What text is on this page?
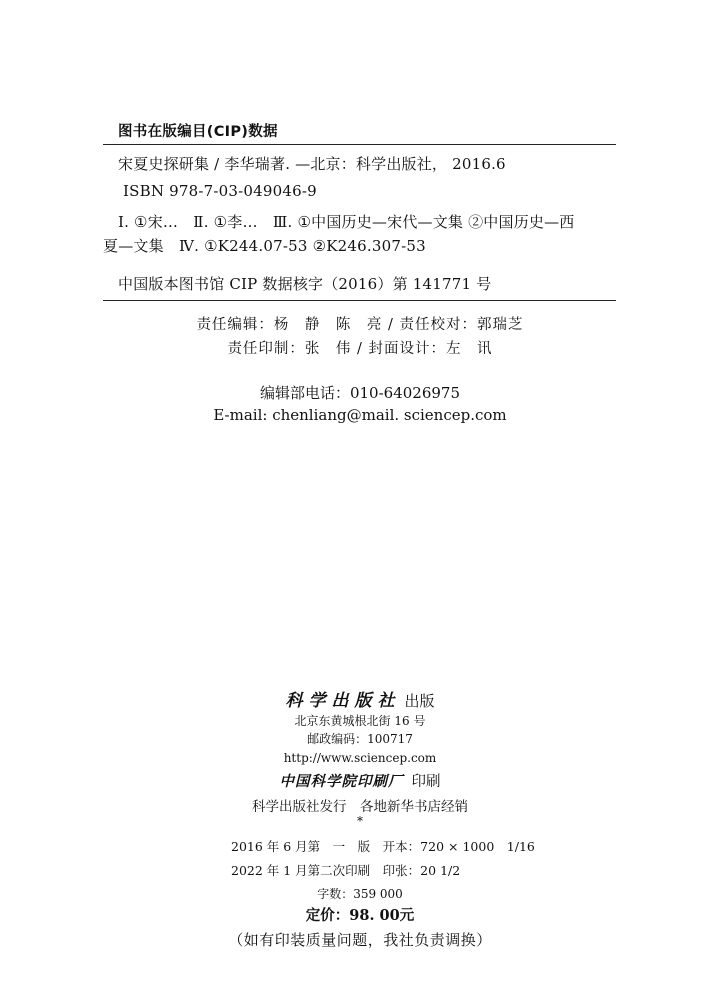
图书在版编目(CIP)数据
宋夏史探研集 / 李华瑞著. —北京：科学出版社， 2016.6
ISBN 978-7-03-049046-9
Ⅰ. ①宋…　Ⅱ. ①李…　Ⅲ. ①中国历史—宋代—文集 ②中国历史—西
夏—文集　Ⅳ. ①K244.07-53 ②K246.307-53
中国版本图书馆 CIP 数据核字（2016）第 141771 号
责任编辑：杨　静　陈　亮 / 责任校对：郭瑞芝
责任印制：张　伟 / 封面设计：左　讯
编辑部电话：010-64026975
E-mail: chenliang@mail. sciencep.com
科学出版社 出版
北京东黄城根北街 16 号
邮政编码：100717
http://www.sciencep.com
中国科学院印刷厂 印刷
科学出版社发行　各地新华书店经销
*
2016 年 6 月第　一　版　开本：720 × 1000　1/16
2022 年 1 月第二次印刷　印张：20 1/2
字数：359 000
定价：98. 00元
（如有印装质量问题，我社负责调换）
